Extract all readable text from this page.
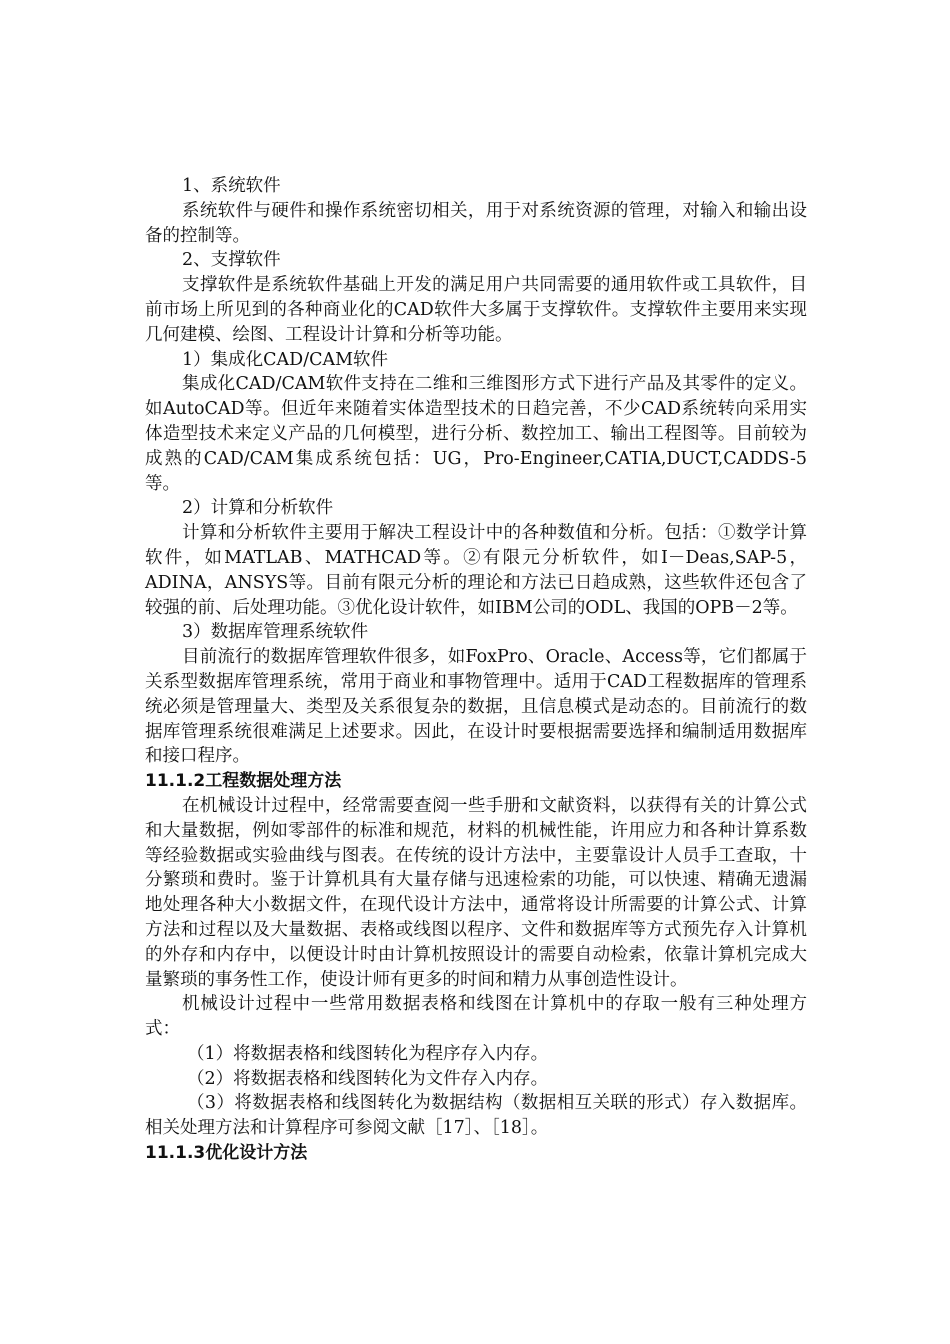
1、系统软件

系统软件与硬件和操作系统密切相关，用于对系统资源的管理，对输入和输出设备的控制等。

2、支撑软件

支撑软件是系统软件基础上开发的满足用户共同需要的通用软件或工具软件，目前市场上所见到的各种商业化的CAD软件大多属于支撑软件。支撑软件主要用来实现几何建模、绘图、工程设计计算和分析等功能。

1）集成化CAD/CAM软件

集成化CAD/CAM软件支持在二维和三维图形方式下进行产品及其零件的定义。如AutoCAD等。但近年来随着实体造型技术的日趋完善，不少CAD系统转向采用实体造型技术来定义产品的几何模型，进行分析、数控加工、输出工程图等。目前较为成熟的CAD/CAM集成系统包括：UG，Pro-Engineer,CATIA,DUCT,CADDS-5等。

2）计算和分析软件

计算和分析软件主要用于解决工程设计中的各种数值和分析。包括：①数学计算软件，如MATLAB、MATHCAD等。②有限元分析软件，如I－Deas,SAP-5，ADINA，ANSYS等。目前有限元分析的理论和方法已日趋成熟，这些软件还包含了较强的前、后处理功能。③优化设计软件，如IBM公司的ODL、我国的OPB－2等。

3）数据库管理系统软件

目前流行的数据库管理软件很多，如FoxPro、Oracle、Access等，它们都属于关系型数据库管理系统，常用于商业和事物管理中。适用于CAD工程数据库的管理系统必须是管理量大、类型及关系很复杂的数据，且信息模式是动态的。目前流行的数据库管理系统很难满足上述要求。因此，在设计时要根据需要选择和编制适用数据库和接口程序。

11.1.2工程数据处理方法

在机械设计过程中，经常需要查阅一些手册和文献资料，以获得有关的计算公式和大量数据，例如零部件的标准和规范，材料的机械性能，许用应力和各种计算系数等经验数据或实验曲线与图表。在传统的设计方法中，主要靠设计人员手工查取，十分繁琐和费时。鉴于计算机具有大量存储与迅速检索的功能，可以快速、精确无遗漏地处理各种大小数据文件，在现代设计方法中，通常将设计所需要的计算公式、计算方法和过程以及大量数据、表格或线图以程序、文件和数据库等方式预先存入计算机的外存和内存中，以便设计时由计算机按照设计的需要自动检索，依靠计算机完成大量繁琐的事务性工作，使设计师有更多的时间和精力从事创造性设计。

机械设计过程中一些常用数据表格和线图在计算机中的存取一般有三种处理方式：

（1）将数据表格和线图转化为程序存入内存。

（2）将数据表格和线图转化为文件存入内存。

（3）将数据表格和线图转化为数据结构（数据相互关联的形式）存入数据库。相关处理方法和计算程序可参阅文献［17］、［18］。

11.1.3优化设计方法
